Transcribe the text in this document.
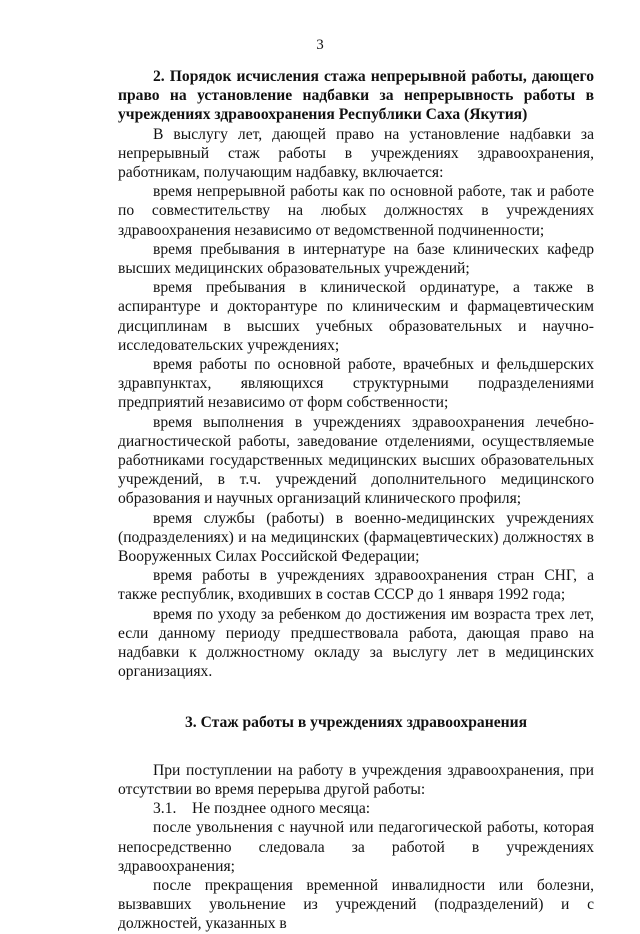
3

2. Порядок исчисления стажа непрерывной работы, дающего право на установление надбавки за непрерывность работы в учреждениях здравоохранения Республики Саха (Якутия)

В выслугу лет, дающей право на установление надбавки за непрерывный стаж работы в учреждениях здравоохранения, работникам, получающим надбавку, включается:

время непрерывной работы как по основной работе, так и работе по совместительству на любых должностях в учреждениях здравоохранения независимо от ведомственной подчиненности;

время пребывания в интернатуре на базе клинических кафедр высших медицинских образовательных учреждений;

время пребывания в клинической ординатуре, а также в аспирантуре и докторантуре по клиническим и фармацевтическим дисциплинам в высших учебных образовательных и научно-исследовательских учреждениях;

время работы по основной работе, врачебных и фельдшерских здравпунктах, являющихся структурными подразделениями предприятий независимо от форм собственности;

время выполнения в учреждениях здравоохранения лечебно-диагностической работы, заведование отделениями, осуществляемые работниками государственных медицинских высших образовательных учреждений, в т.ч. учреждений дополнительного медицинского образования и научных организаций клинического профиля;

время службы (работы) в военно-медицинских учреждениях (подразделениях) и на медицинских (фармацевтических) должностях в Вооруженных Силах Российской Федерации;

время работы в учреждениях здравоохранения стран СНГ, а также республик, входивших в состав СССР до 1 января 1992 года;

время по уходу за ребенком до достижения им возраста трех лет, если данному периоду предшествовала работа, дающая право на надбавки к должностному окладу за выслугу лет в медицинских организациях.

3. Стаж работы в учреждениях здравоохранения

При поступлении на работу в учреждения здравоохранения, при отсутствии во время перерыва другой работы:

3.1.    Не позднее одного месяца:

после увольнения с научной или педагогической работы, которая непосредственно следовала за работой в учреждениях здравоохранения;

после прекращения временной инвалидности или болезни, вызвавших увольнение из учреждений (подразделений) и с должностей, указанных в
